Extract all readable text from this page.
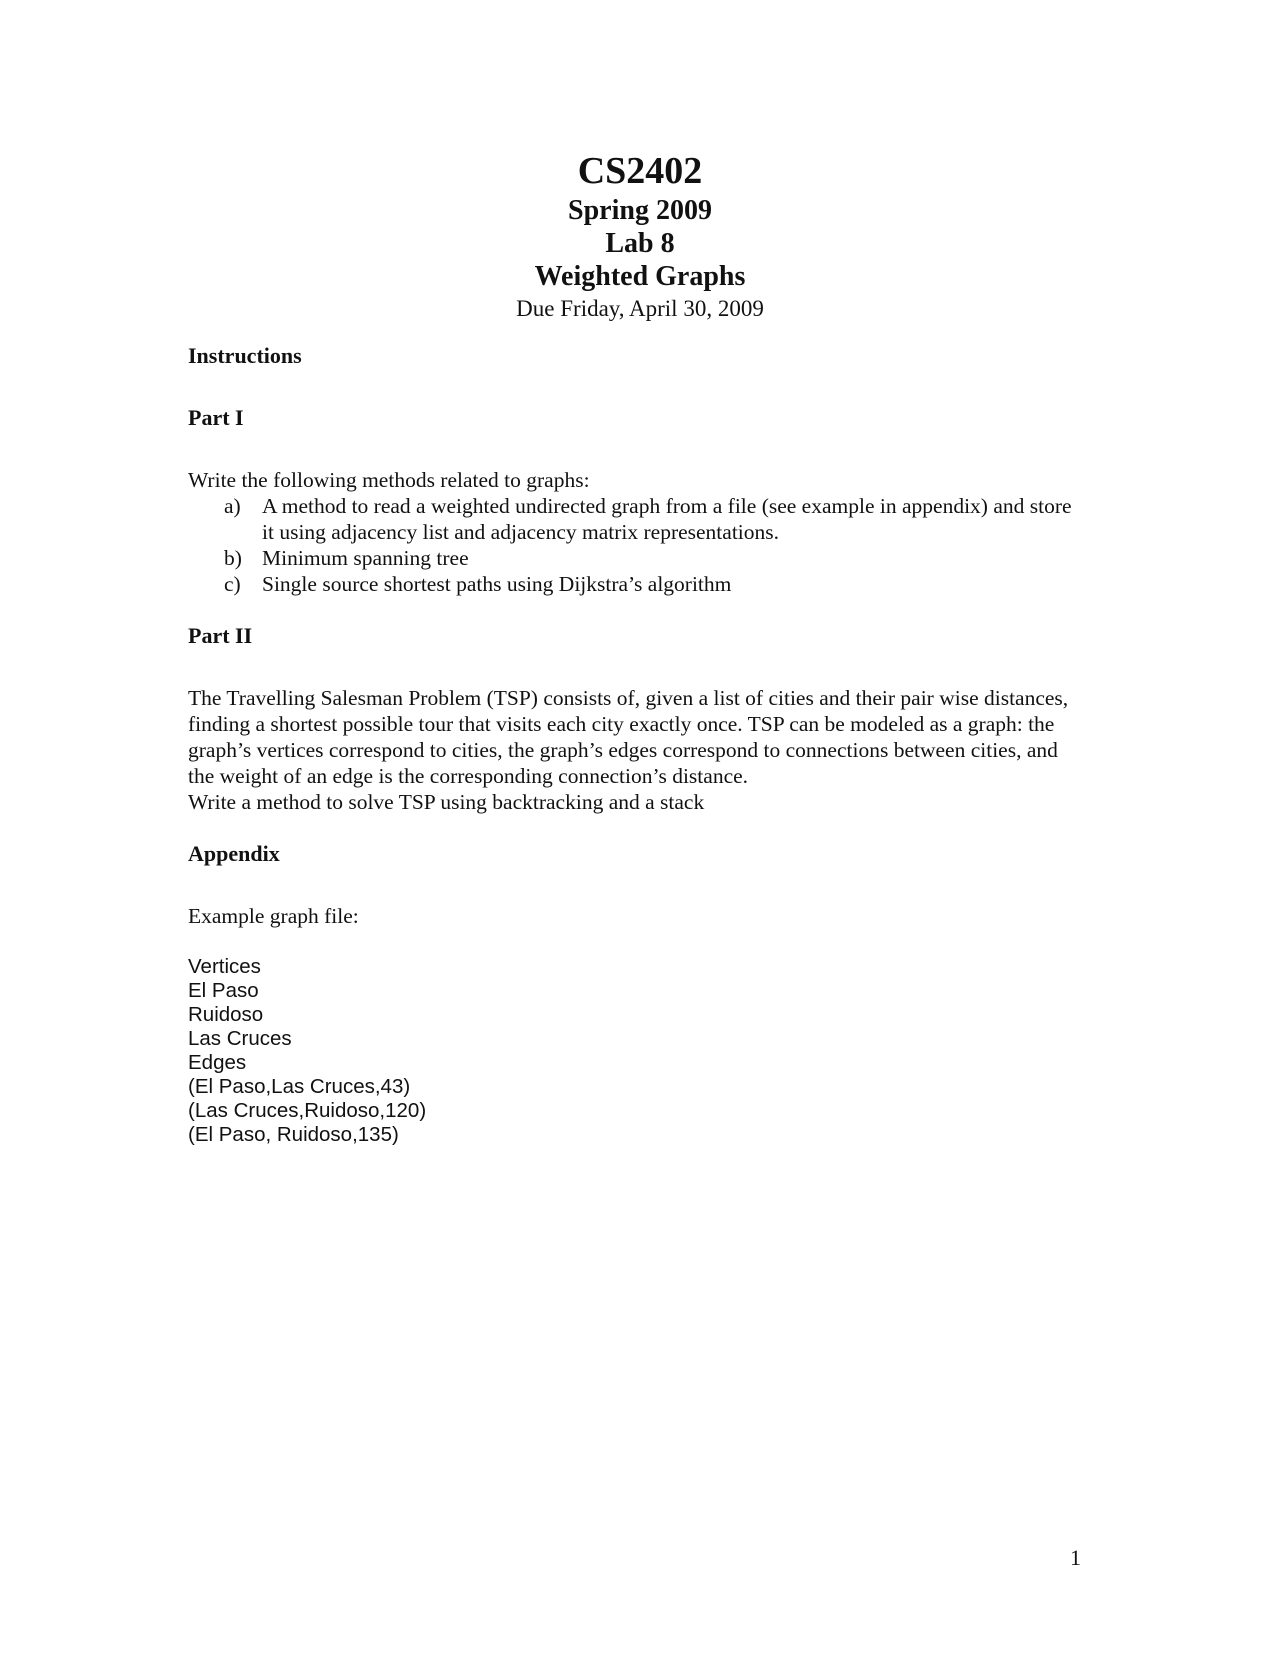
CS2402
Spring 2009
Lab 8
Weighted Graphs
Due Friday, April 30, 2009
Instructions
Part I

Write the following methods related to graphs:

a) A method to read a weighted undirected graph from a file (see example in appendix) and store it using adjacency list and adjacency matrix representations.
b) Minimum spanning tree
c) Single source shortest paths using Dijkstra’s algorithm
Part II

The Travelling Salesman Problem (TSP) consists of, given a list of cities and their pair wise distances, finding a shortest possible tour that visits each city exactly once. TSP can be modeled as a graph: the graph’s vertices correspond to cities, the graph’s edges correspond to connections between cities, and the weight of an edge is the corresponding connection’s distance.

Write a method to solve TSP using backtracking and a stack

Appendix

Example graph file:

Vertices
El Paso
Ruidoso
Las Cruces
Edges
(El Paso,Las Cruces,43)
(Las Cruces,Ruidoso,120)
(El Paso, Ruidoso,135)
1
